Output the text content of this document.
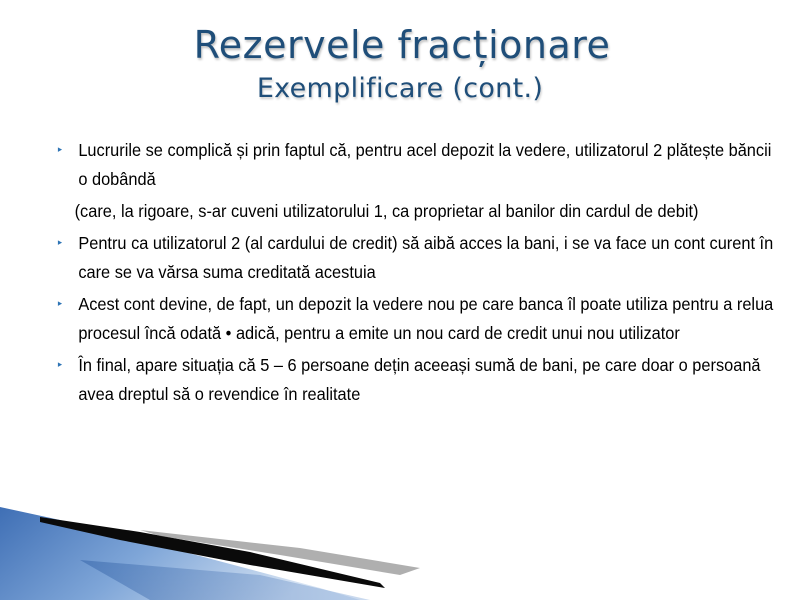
Rezervele fracționare
Exemplificare (cont.)
▸ Lucrurile se complică și prin faptul că, pentru acel depozit la vedere, utilizatorul 2 plătește băncii o dobândă
(care, la rigoare, s-ar cuveni utilizatorului 1, ca proprietar al banilor din cardul de debit)
▸ Pentru ca utilizatorul 2 (al cardului de credit) să aibă acces la bani, i se va face un cont curent în care se va vărsa suma creditată acestuia
▸ Acest cont devine, de fapt, un depozit la vedere nou pe care banca îl poate utiliza pentru a relua procesul încă odată • adică, pentru a emite un nou card de credit unui nou utilizator
▸ În final, apare situația că 5 – 6 persoane dețin aceeași sumă de bani, pe care doar o persoană avea dreptul să o revendice în realitate
